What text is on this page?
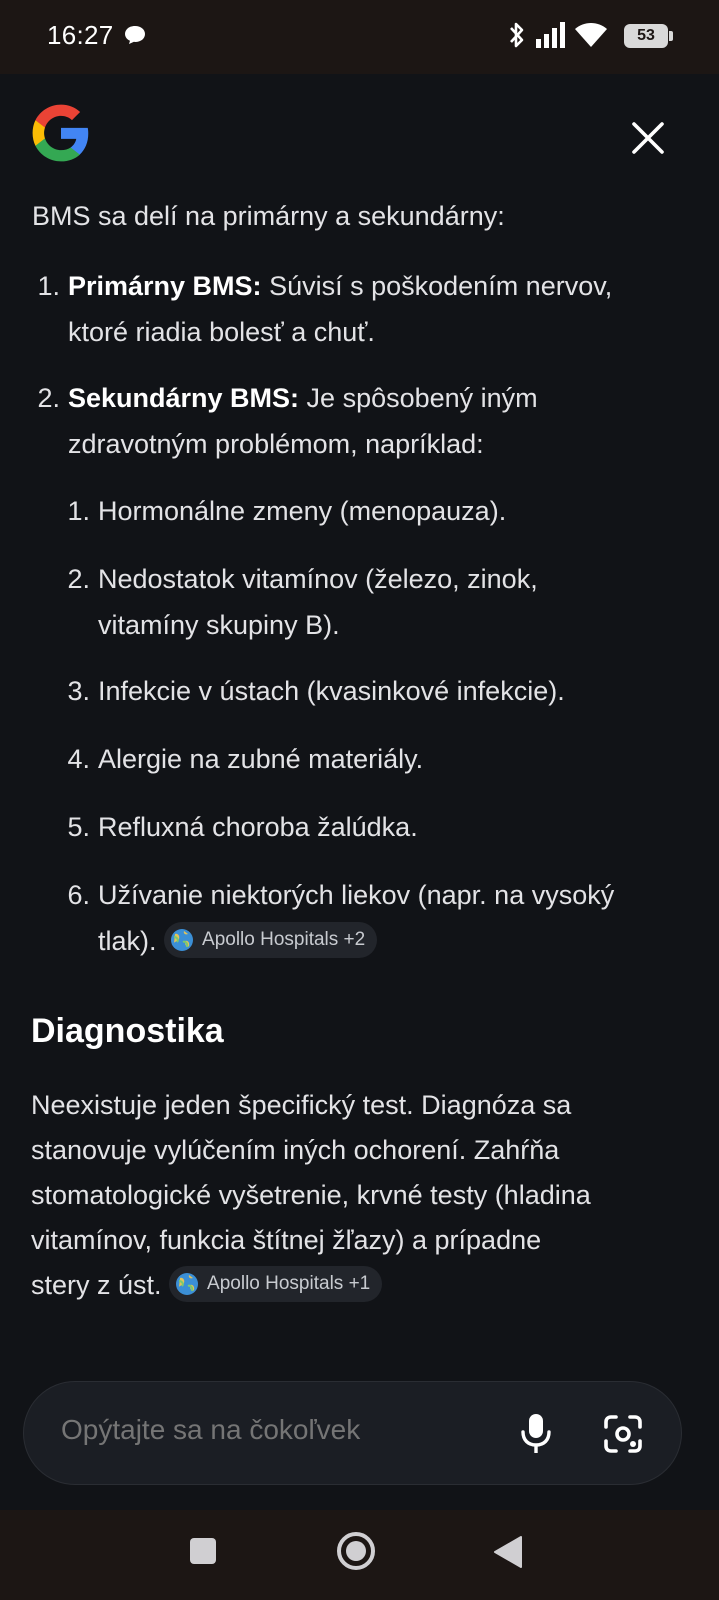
16:27	53
BMS sa delí na primárny a sekundárny:
1. Primárny BMS: Súvisí s poškodením nervov,
ktoré riadia bolesť a chuť.
2. Sekundárny BMS: Je spôsobený iným
zdravotným problémom, napríklad:
1. Hormonálne zmeny (menopauza).
2. Nedostatok vitamínov (železo, zinok,
vitamíny skupiny B).
3. Infekcie v ústach (kvasinkové infekcie).
4. Alergie na zubné materiály.
5. Refluxná choroba žalúdka.
6. Užívanie niektorých liekov (napr. na vysoký
tlak). Apollo Hospitals +2
Diagnostika
Neexistuje jeden špecifický test. Diagnóza sa
stanovuje vylúčením iných ochorení. Zahŕňa
stomatologické vyšetrenie, krvné testy (hladina
vitamínov, funkcia štítnej žľazy) a prípadne
stery z úst. Apollo Hospitals +1
Opýtajte sa na čokoľvek
